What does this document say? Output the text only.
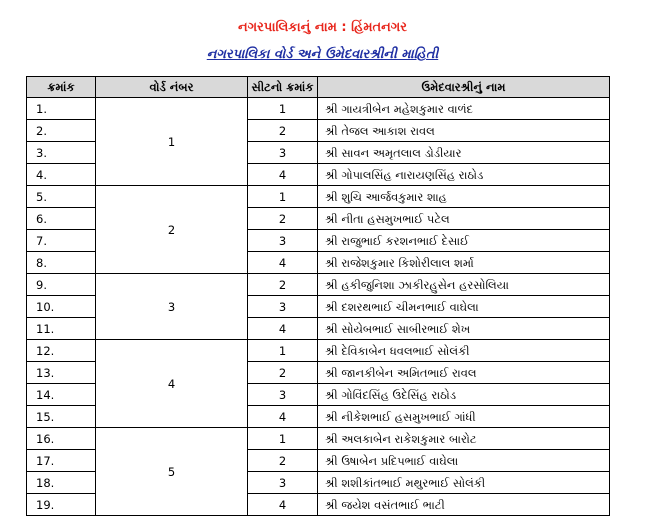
નગરપાલિકાનું નામ : હિંમતનગર
નગરપાલિકા વોર્ડ અને ઉમેદવારશ્રીની માહિતી
ક્રમાંક	વોર્ડ નંબર	સીટનો ક્રમાંક	ઉમેદવારશ્રીનું નામ
1.	1	1	શ્રી ગાયત્રીબેન મહેશકુમાર વાળંદ
2.		2	શ્રી તેજલ આકાશ રાવલ
3.		3	શ્રી સાવન અમૃતલાલ ડોડીયાર
4.		4	શ્રી ગોપાલસિંહ નારાયણસિંહ રાઠોડ
5.	2	1	શ્રી શુચિ આર્જવકુમાર શાહ
6.		2	શ્રી નીતા હસમુખભાઈ પટેલ
7.		3	શ્રી રાજુભાઈ કરશનભાઈ દેસાઈ
8.		4	શ્રી રાજેશકુમાર કિશોરીલાલ શર્મા
9.	3	2	શ્રી હકીજુનિશા ઝાકીરહુસેન હરસોલિયા
10.		3	શ્રી દશરથભાઈ ચીમનભાઈ વાઘેલા
11.		4	શ્રી સોયેબભાઈ સાબીરભાઈ શેખ
12.	4	1	શ્રી દેવિકાબેન ધવલભાઈ સોલંકી
13.		2	શ્રી જાનકીબેન અમિતભાઈ રાવલ
14.		3	શ્રી ગોવિંદસિંહ ઉદેસિંહ રાઠોડ
15.		4	શ્રી નીકેશભાઈ હસમુખભાઈ ગાંધી
16.	5	1	શ્રી અલકાબેન રાકેશકુમાર બારોટ
17.		2	શ્રી ઉષાબેન પ્રદિપભાઈ વાઘેલા
18.		3	શ્રી શશીકાંતભાઈ મથુરભાઈ સોલંકી
19.		4	શ્રી જયેશ વસંતભાઈ ભાટી
